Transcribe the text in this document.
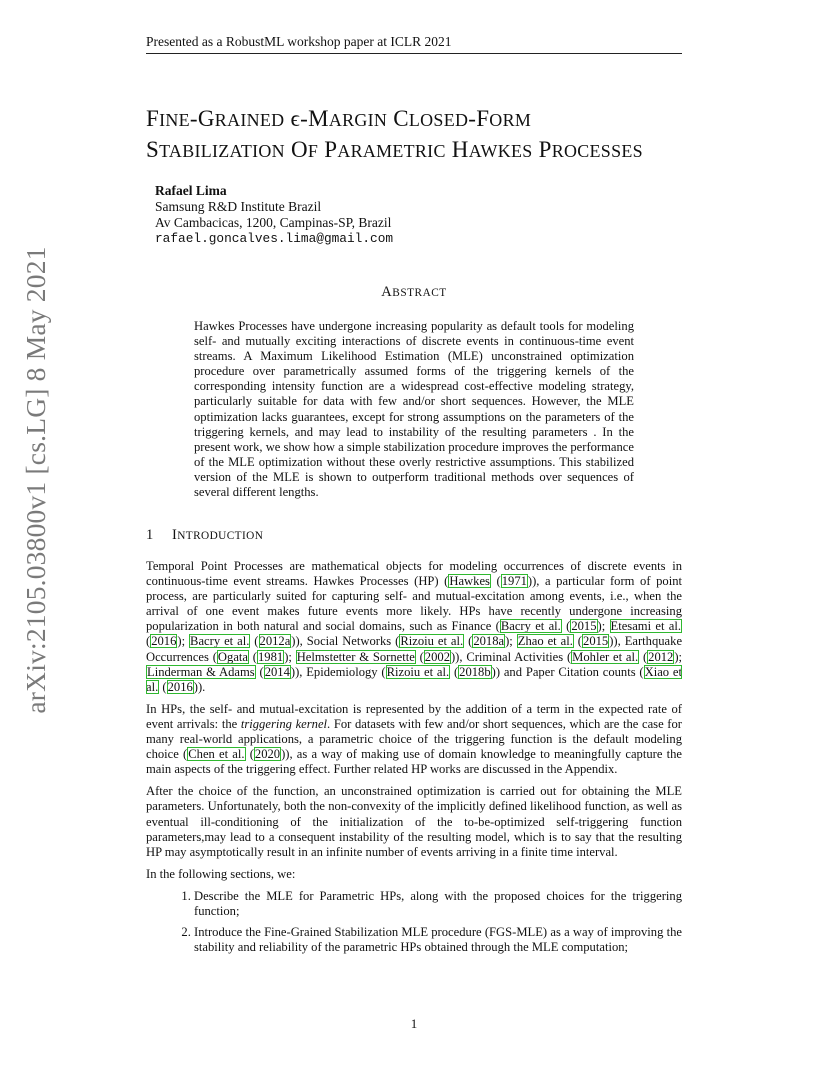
arXiv:2105.03800v1 [cs.LG] 8 May 2021
Presented as a RobustML workshop paper at ICLR 2021
FINE-GRAINED ϵ-MARGIN CLOSED-FORM
STABILIZATION OF PARAMETRIC HAWKES PROCESSES
Rafael Lima
Samsung R&D Institute Brazil
Av Cambacicas, 1200, Campinas-SP, Brazil
rafael.goncalves.lima@gmail.com
ABSTRACT
Hawkes Processes have undergone increasing popularity as default tools for modeling self- and mutually exciting interactions of discrete events in continuous-time event streams. A Maximum Likelihood Estimation (MLE) unconstrained optimization procedure over parametrically assumed forms of the triggering kernels of the corresponding intensity function are a widespread cost-effective modeling strategy, particularly suitable for data with few and/or short sequences. However, the MLE optimization lacks guarantees, except for strong assumptions on the parameters of the triggering kernels, and may lead to instability of the resulting parameters . In the present work, we show how a simple stabilization procedure improves the performance of the MLE optimization without these overly restrictive assumptions. This stabilized version of the MLE is shown to outperform traditional methods over sequences of several different lengths.
1 INTRODUCTION

Temporal Point Processes are mathematical objects for modeling occurrences of discrete events in continuous-time event streams. Hawkes Processes (HP) (Hawkes (1971)), a particular form of point process, are particularly suited for capturing self- and mutual-excitation among events, i.e., when the arrival of one event makes future events more likely. HPs have recently undergone increasing popularization in both natural and social domains, such as Finance (Bacry et al. (2015); Etesami et al. (2016); Bacry et al. (2012a)), Social Networks (Rizoiu et al. (2018a); Zhao et al. (2015)), Earthquake Occurrences (Ogata (1981); Helmstetter & Sornette (2002)), Criminal Activities (Mohler et al. (2012); Linderman & Adams (2014)), Epidemiology (Rizoiu et al. (2018b)) and Paper Citation counts (Xiao et al. (2016)).

In HPs, the self- and mutual-excitation is represented by the addition of a term in the expected rate of event arrivals: the triggering kernel. For datasets with few and/or short sequences, which are the case for many real-world applications, a parametric choice of the triggering function is the default modeling choice (Chen et al. (2020)), as a way of making use of domain knowledge to meaningfully capture the main aspects of the triggering effect. Further related HP works are discussed in the Appendix.

After the choice of the function, an unconstrained optimization is carried out for obtaining the MLE parameters. Unfortunately, both the non-convexity of the implicitly defined likelihood function, as well as eventual ill-conditioning of the initialization of the to-be-optimized self-triggering function parameters,may lead to a consequent instability of the resulting model, which is to say that the resulting HP may asymptotically result in an infinite number of events arriving in a finite time interval.

In the following sections, we:

1. Describe the MLE for Parametric HPs, along with the proposed choices for the triggering function;
2. Introduce the Fine-Grained Stabilization MLE procedure (FGS-MLE) as a way of improving the stability and reliability of the parametric HPs obtained through the MLE computation;
1
